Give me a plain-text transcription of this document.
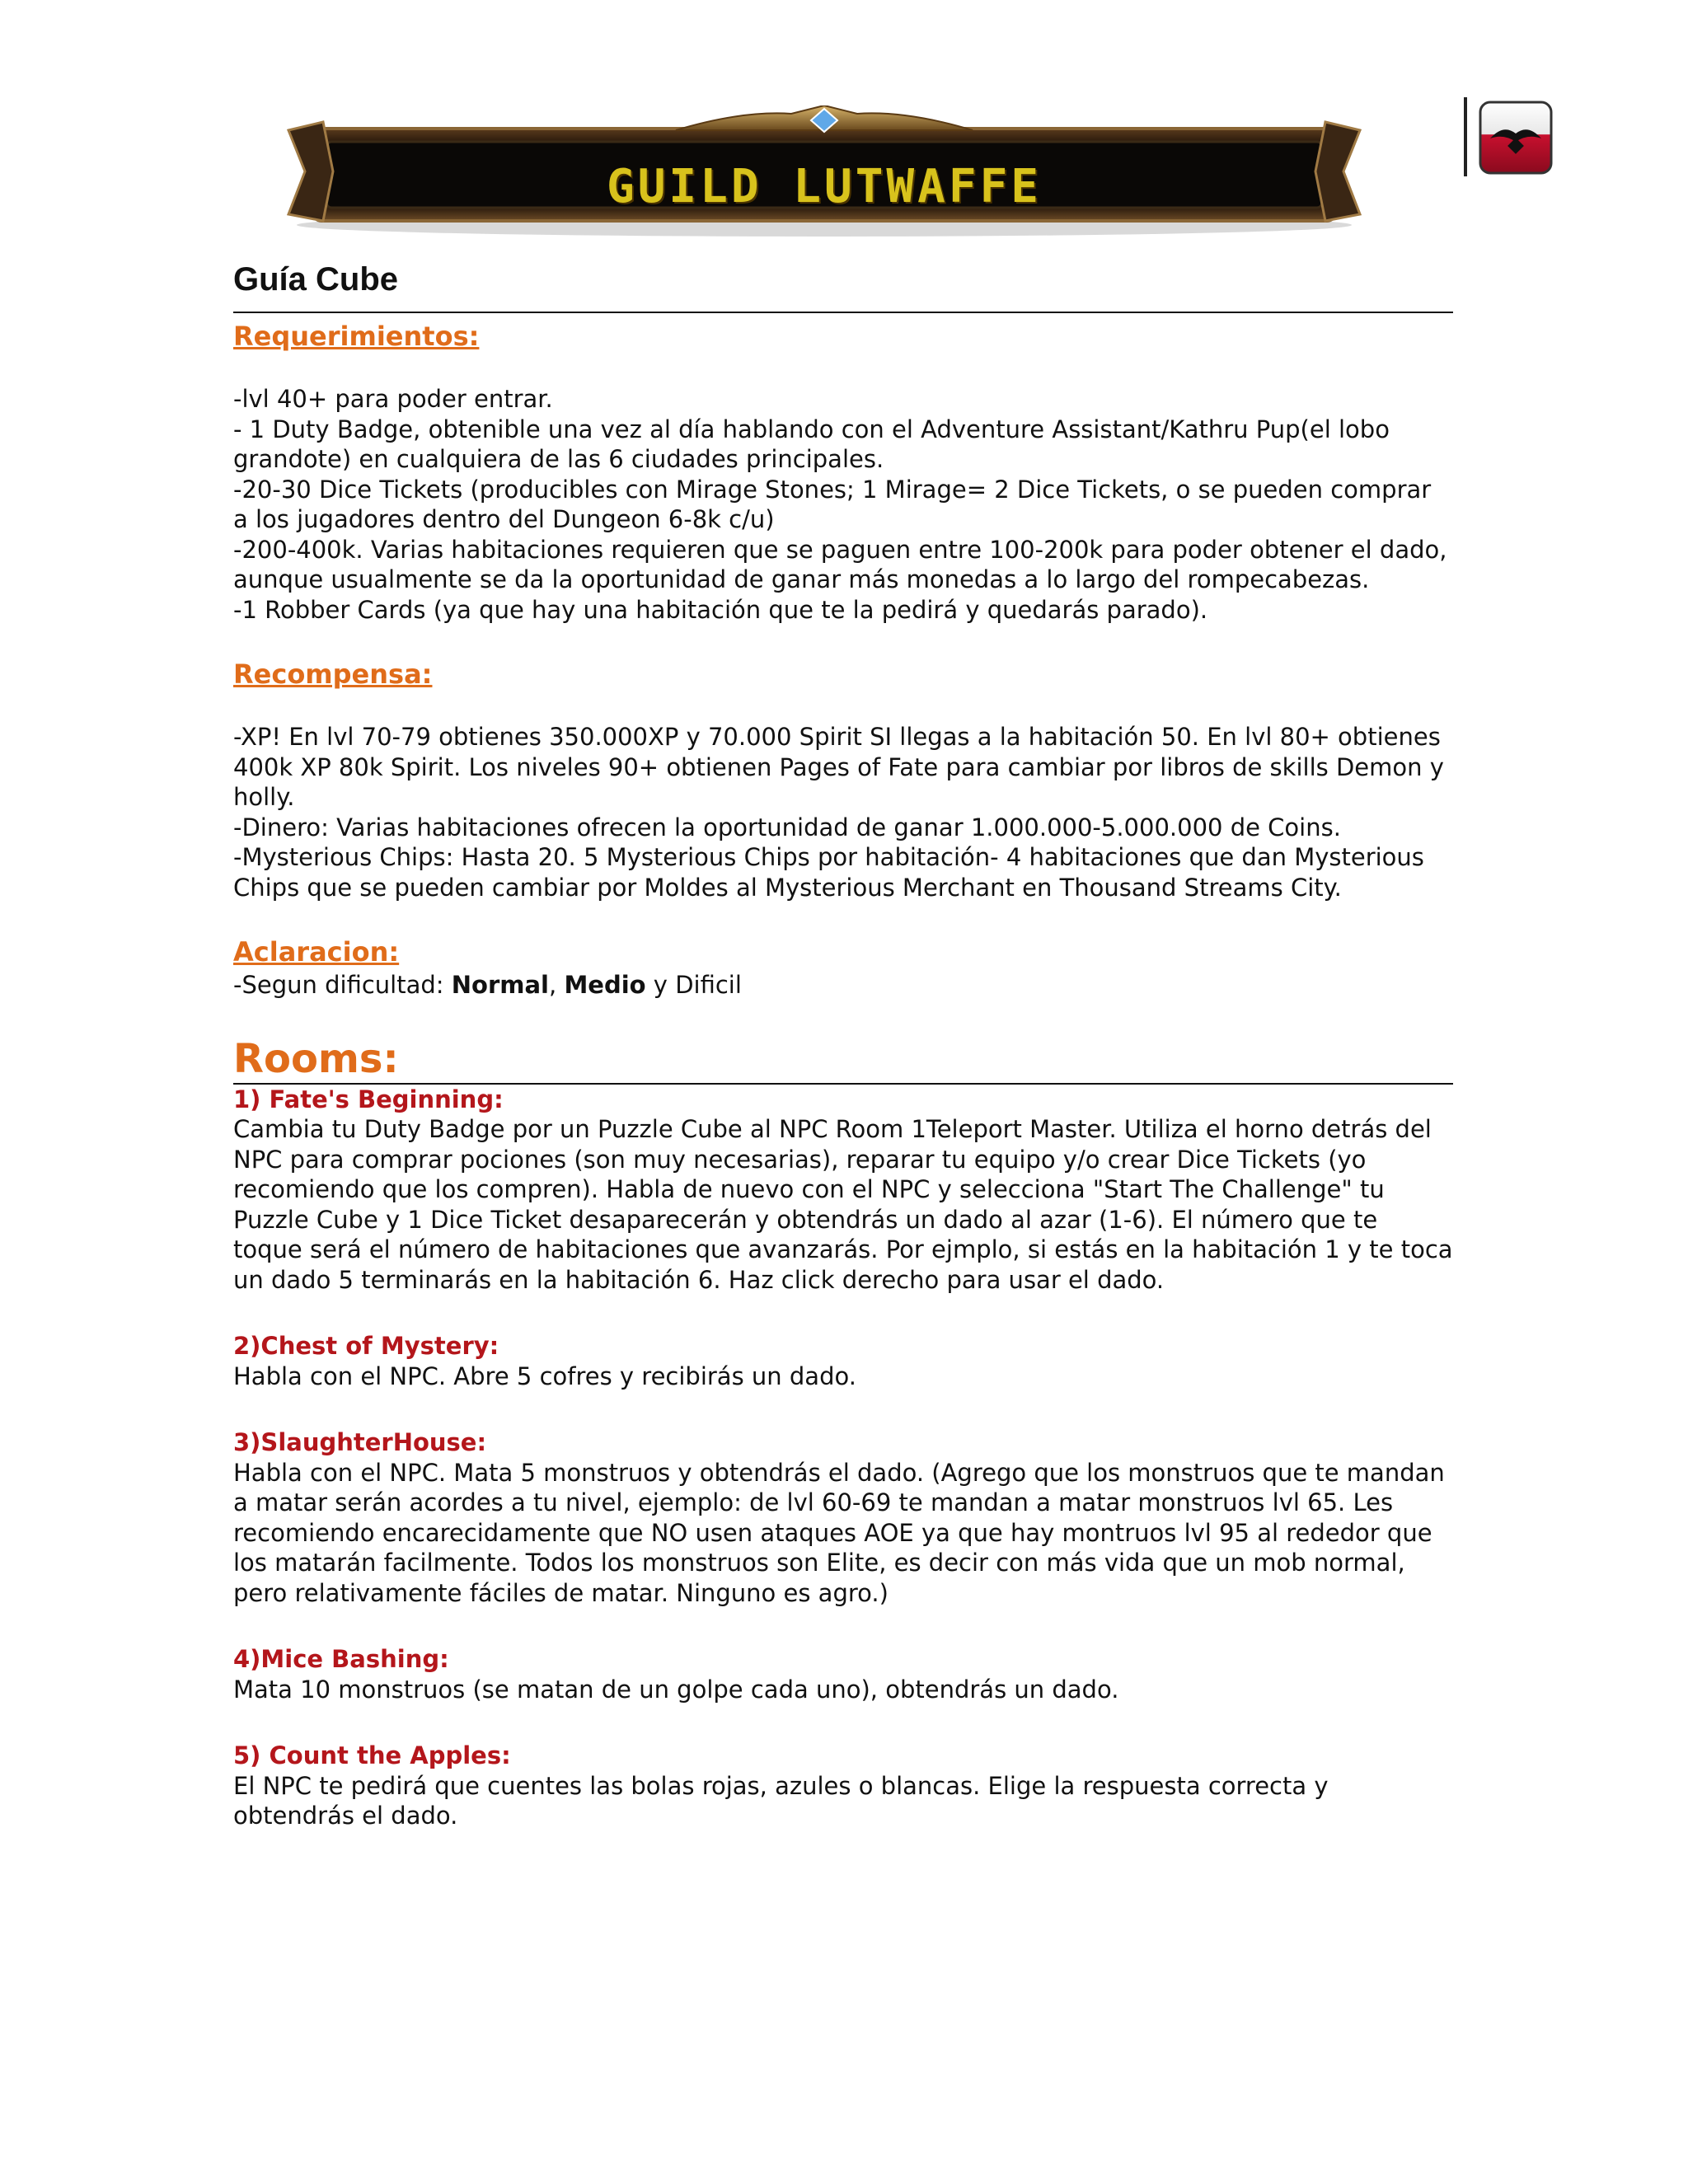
GUILD LUTWAFFE
Guía Cube

Requerimientos:

-lvl 40+ para poder entrar.

- 1 Duty Badge, obtenible una vez al día hablando con el Adventure Assistant/Kathru Pup(el lobo grandote) en cualquiera de las 6 ciudades principales.

-20-30 Dice Tickets (producibles con Mirage Stones; 1 Mirage= 2 Dice Tickets, o se pueden comprar a los jugadores dentro del Dungeon 6-8k c/u)

-200-400k. Varias habitaciones requieren que se paguen entre 100-200k para poder obtener el dado, aunque usualmente se da la oportunidad de ganar más monedas a lo largo del rompecabezas.

-1 Robber Cards (ya que hay una habitación que te la pedirá y quedarás parado).

Recompensa:

-XP! En lvl 70-79 obtienes 350.000XP y 70.000 Spirit SI llegas a la habitación 50. En lvl 80+ obtienes 400k XP 80k Spirit. Los niveles 90+ obtienen Pages of Fate para cambiar por libros de skills Demon y holly.

-Dinero: Varias habitaciones ofrecen la oportunidad de ganar 1.000.000-5.000.000 de Coins.

-Mysterious Chips: Hasta 20. 5 Mysterious Chips por habitación- 4 habitaciones que dan Mysterious Chips que se pueden cambiar por Moldes al Mysterious Merchant en Thousand Streams City.

Aclaracion:

-Segun dificultad: Normal, Medio y Dificil

Rooms:

1) Fate's Beginning:

Cambia tu Duty Badge por un Puzzle Cube al NPC Room 1Teleport Master. Utiliza el horno detrás del NPC para comprar pociones (son muy necesarias), reparar tu equipo y/o crear Dice Tickets (yo recomiendo que los compren). Habla de nuevo con el NPC y selecciona "Start The Challenge" tu Puzzle Cube y 1 Dice Ticket desaparecerán y obtendrás un dado al azar (1-6). El número que te toque será el número de habitaciones que avanzarás. Por ejmplo, si estás en la habitación 1 y te toca un dado 5 terminarás en la habitación 6. Haz click derecho para usar el dado.

2)Chest of Mystery:

Habla con el NPC. Abre 5 cofres y recibirás un dado.

3)SlaughterHouse:

Habla con el NPC. Mata 5 monstruos y obtendrás el dado. (Agrego que los monstruos que te mandan a matar serán acordes a tu nivel, ejemplo: de lvl 60-69 te mandan a matar monstruos lvl 65. Les recomiendo encarecidamente que NO usen ataques AOE ya que hay montruos lvl 95 al rededor que los matarán facilmente. Todos los monstruos son Elite, es decir con más vida que un mob normal, pero relativamente fáciles de matar. Ninguno es agro.)

4)Mice Bashing:

Mata 10 monstruos (se matan de un golpe cada uno), obtendrás un dado.

5) Count the Apples:

El NPC te pedirá que cuentes las bolas rojas, azules o blancas. Elige la respuesta correcta y obtendrás el dado.
